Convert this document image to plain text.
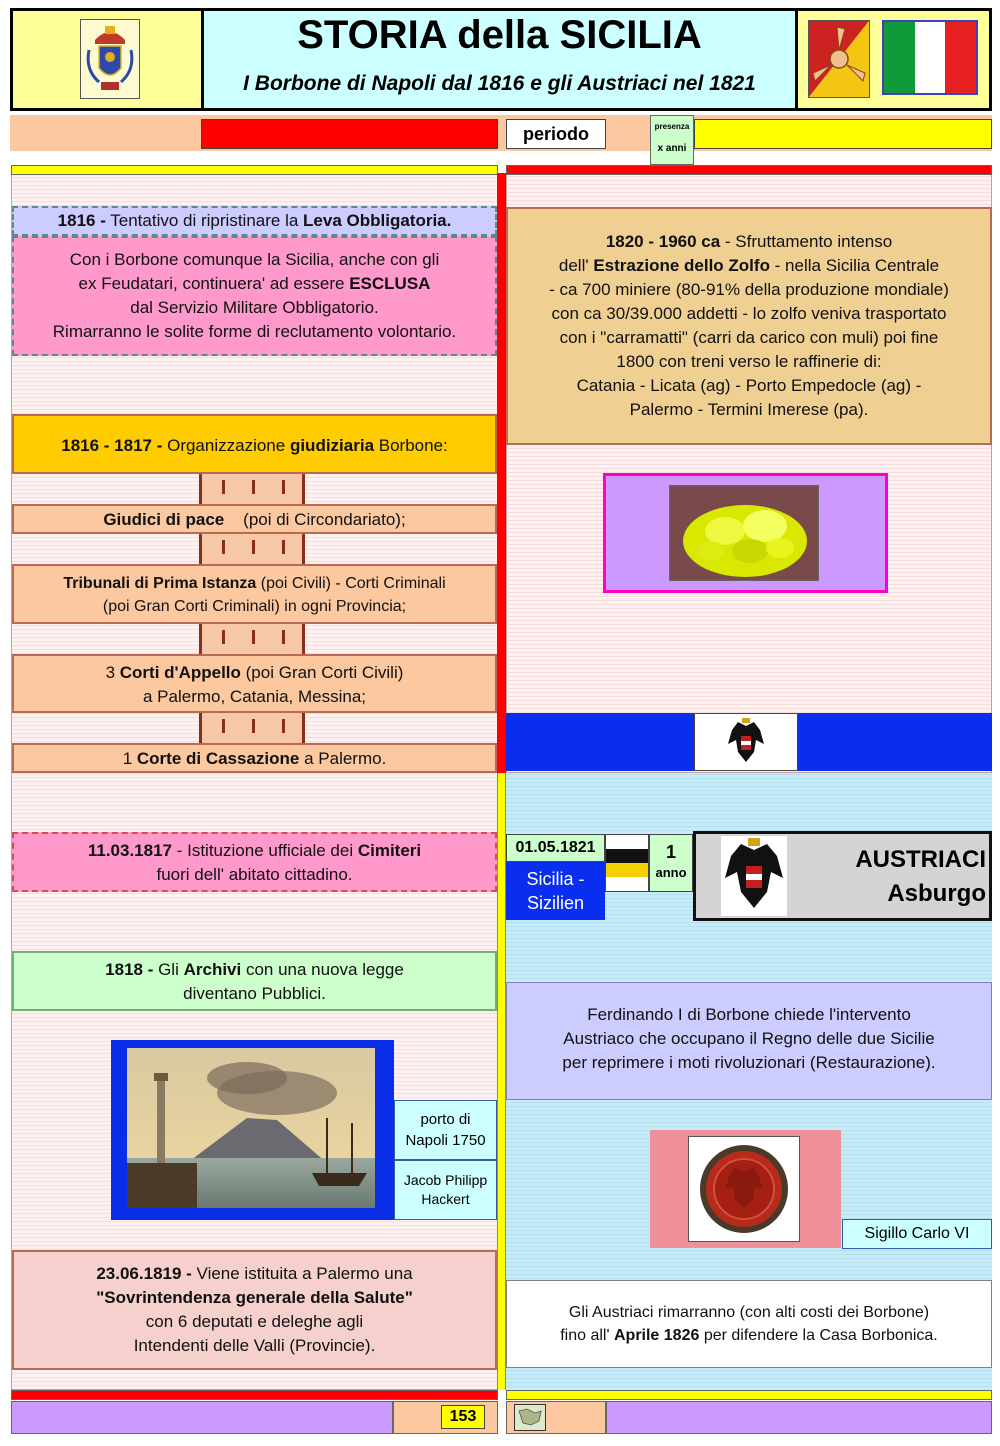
STORIA della SICILIA
I Borbone di Napoli dal 1816 e gli Austriaci nel 1821
periodo	presenza
x anni
1816 - Tentativo di ripristinare la Leva Obbligatoria.
Con i Borbone comunque la Sicilia, anche con gli
ex Feudatari, continuera' ad essere ESCLUSA
dal Servizio Militare Obbligatorio.
Rimarranno le solite forme di reclutamento volontario.
1816 - 1817 - Organizzazione giudiziaria Borbone:
Giudici di pace (poi di Circondariato);
Tribunali di Prima Istanza (poi Civili) - Corti Criminali
(poi Gran Corti Criminali) in ogni Provincia;
3 Corti d'Appello (poi Gran Corti Civili)
a Palermo, Catania, Messina;
1 Corte di Cassazione a Palermo.
11.03.1817 - Istituzione ufficiale dei Cimiteri
fuori dell' abitato cittadino.
1818 - Gli Archivi con una nuova legge
diventano Pubblici.
porto di
Napoli 1750
Jacob Philipp
Hackert
23.06.1819 - Viene istituita a Palermo una
"Sovrintendenza generale della Salute"
con 6 deputati e deleghe agli
Intendenti delle Valli (Provincie).
1820 - 1960 ca - Sfruttamento intenso
dell' Estrazione dello Zolfo - nella Sicilia Centrale
- ca 700 miniere (80-91% della produzione mondiale)
con ca 30/39.000 addetti - lo zolfo veniva trasportato
con i "carramatti" (carri da carico con muli) poi fine
1800 con treni verso le raffinerie di:
Catania - Licata (ag) - Porto Empedocle (ag) -
Palermo - Termini Imerese (pa).
01.05.1821
Sicilia -
Sizilien
1
anno	AUSTRIACI
Asburgo
Ferdinando I di Borbone chiede l'intervento
Austriaco che occupano il Regno delle due Sicilie
per reprimere i moti rivoluzionari (Restaurazione).
Sigillo Carlo VI
Gli Austriaci rimarranno (con alti costi dei Borbone)
fino all' Aprile 1826 per difendere la Casa Borbonica.
153
